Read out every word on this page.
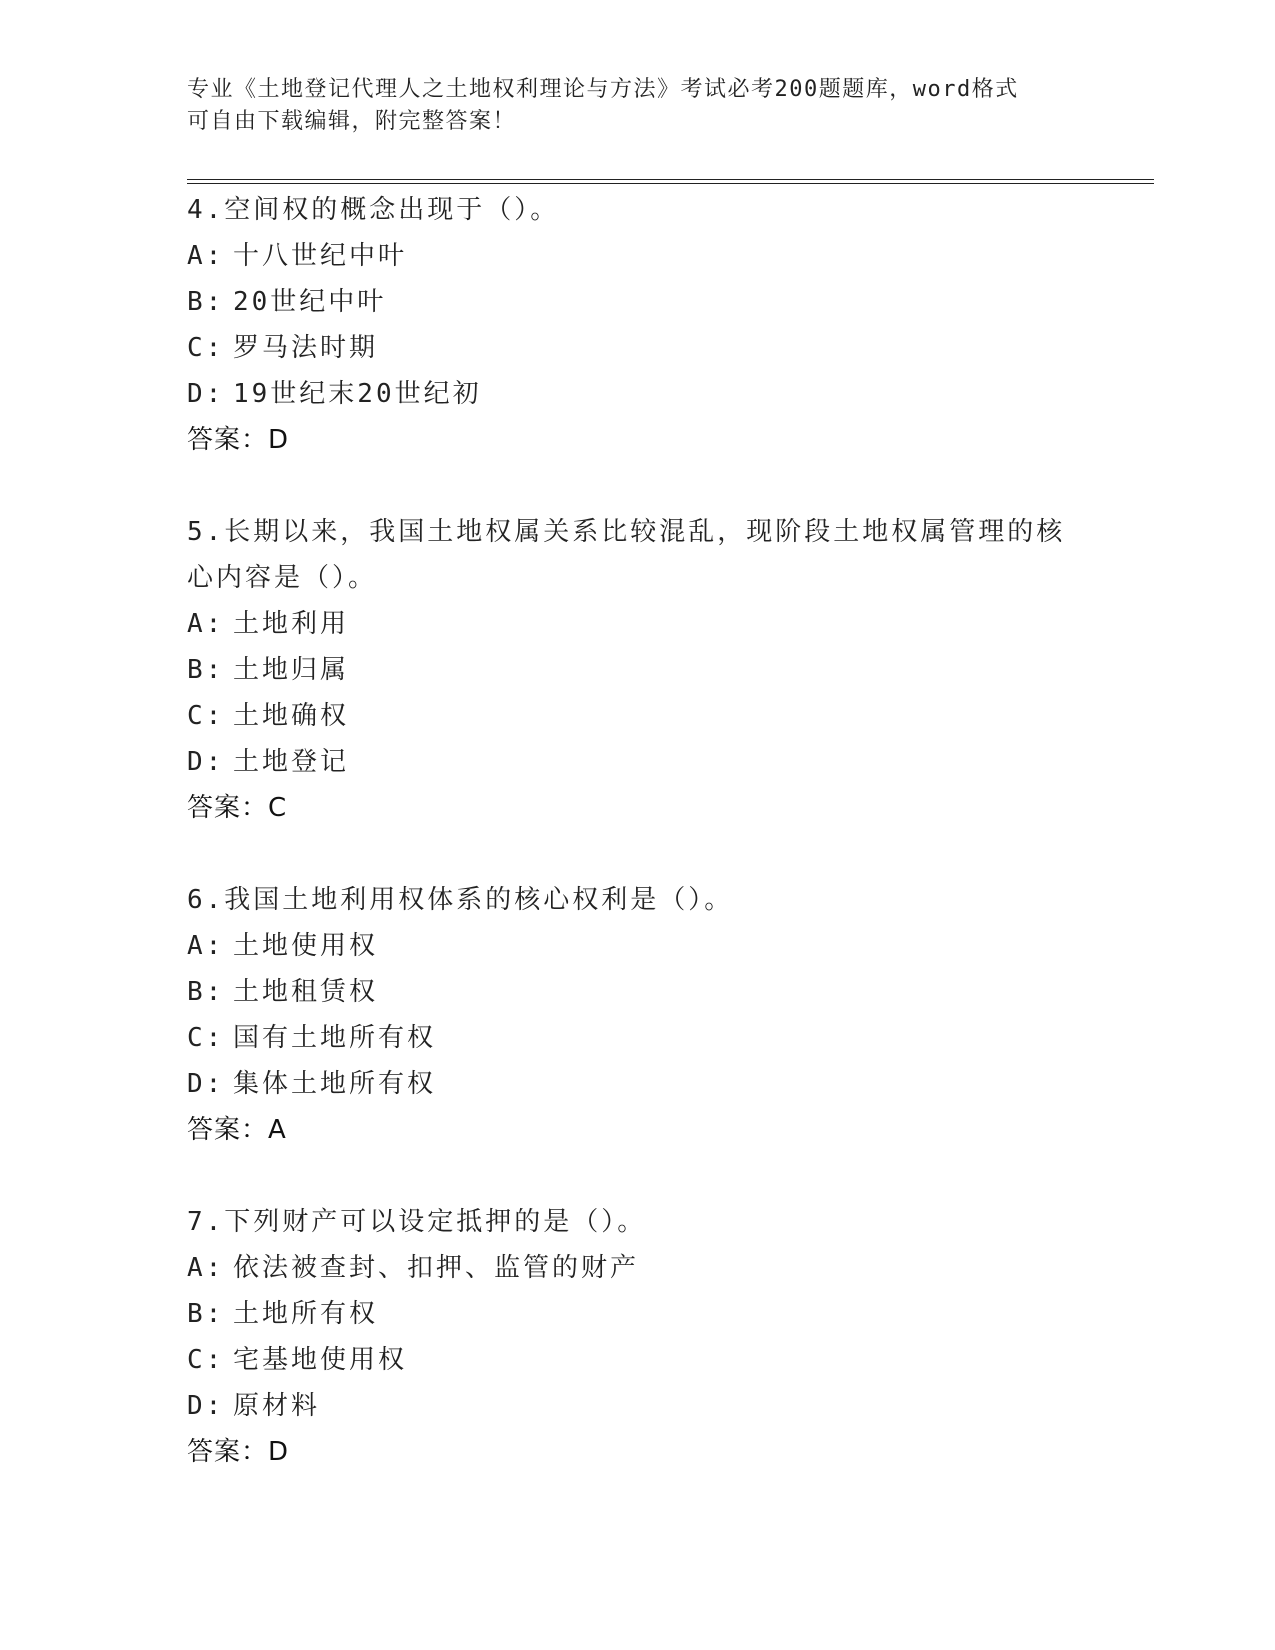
专业《土地登记代理人之土地权利理论与方法》考试必考200题题库，word格式
可自由下载编辑，附完整答案！
4.空间权的概念出现于（）。
A: 十八世纪中叶
B: 20世纪中叶
C: 罗马法时期
D: 19世纪末20世纪初
答案：D
5.长期以来，我国土地权属关系比较混乱，现阶段土地权属管理的核
心内容是（）。
A: 土地利用
B: 土地归属
C: 土地确权
D: 土地登记
答案：C
6.我国土地利用权体系的核心权利是（）。
A: 土地使用权
B: 土地租赁权
C: 国有土地所有权
D: 集体土地所有权
答案：A
7.下列财产可以设定抵押的是（）。
A: 依法被查封、扣押、监管的财产
B: 土地所有权
C: 宅基地使用权
D: 原材料
答案：D
